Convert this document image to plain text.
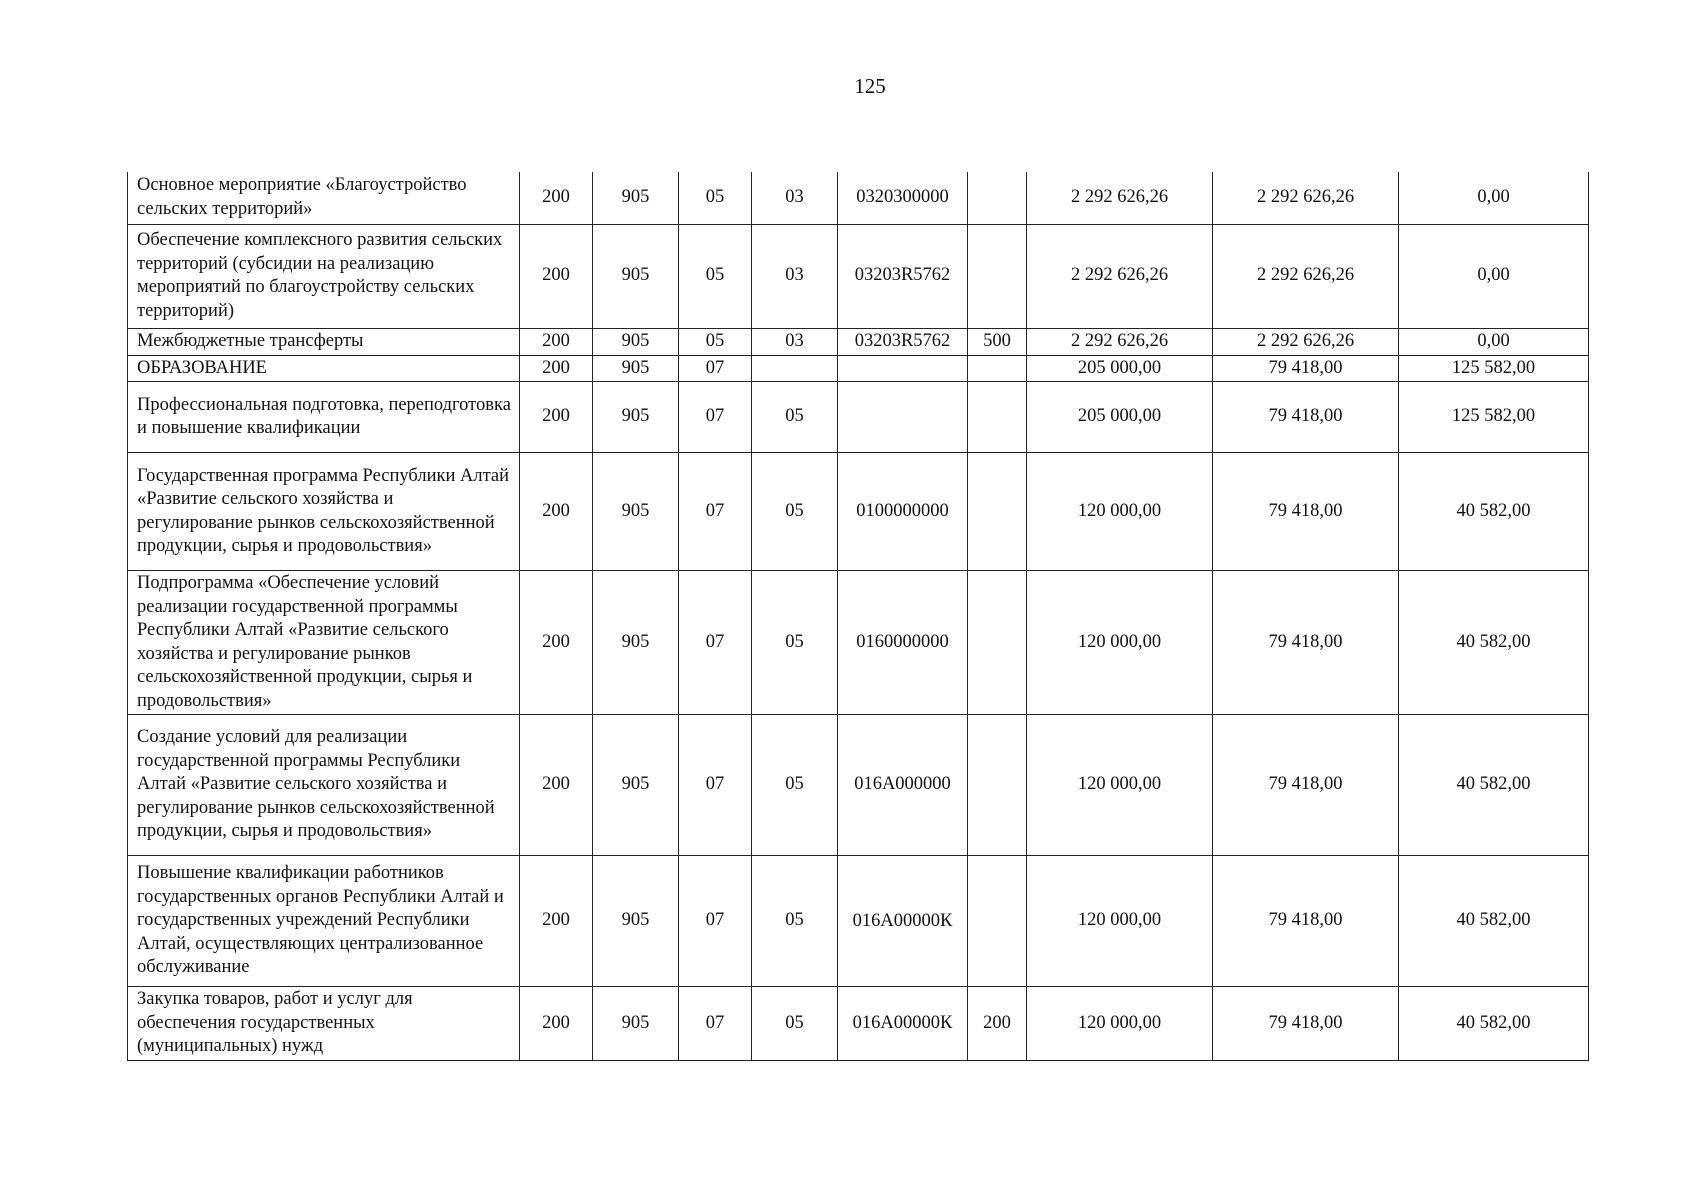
125
Основное мероприятие «Благоустройство сельских территорий»	200	905	05	03	0320300000		2 292 626,26	2 292 626,26	0,00
Обеспечение комплексного развития сельских территорий (субсидии на реализацию мероприятий по благоустройству сельских территорий)	200	905	05	03	03203R5762		2 292 626,26	2 292 626,26	0,00
Межбюджетные трансферты	200	905	05	03	03203R5762	500	2 292 626,26	2 292 626,26	0,00
ОБРАЗОВАНИЕ	200	905	07				205 000,00	79 418,00	125 582,00
Профессиональная подготовка, переподготовка и повышение квалификации	200	905	07	05			205 000,00	79 418,00	125 582,00
Государственная программа Республики Алтай «Развитие сельского хозяйства и регулирование рынков сельскохозяйственной продукции, сырья и продовольствия»	200	905	07	05	0100000000		120 000,00	79 418,00	40 582,00
Подпрограмма «Обеспечение условий реализации государственной программы Республики Алтай «Развитие сельского хозяйства и регулирование рынков сельскохозяйственной продукции, сырья и продовольствия»	200	905	07	05	0160000000		120 000,00	79 418,00	40 582,00
Создание условий для реализации государственной программы Республики Алтай «Развитие сельского хозяйства и регулирование рынков сельскохозяйственной продукции, сырья и продовольствия»	200	905	07	05	016А000000		120 000,00	79 418,00	40 582,00
Повышение квалификации работников государственных органов Республики Алтай и государственных учреждений Республики Алтай, осуществляющих централизованное обслуживание	200	905	07	05	016А00000К		120 000,00	79 418,00	40 582,00
Закупка товаров, работ и услуг для обеспечения государственных (муниципальных) нужд	200	905	07	05	016А00000К	200	120 000,00	79 418,00	40 582,00
